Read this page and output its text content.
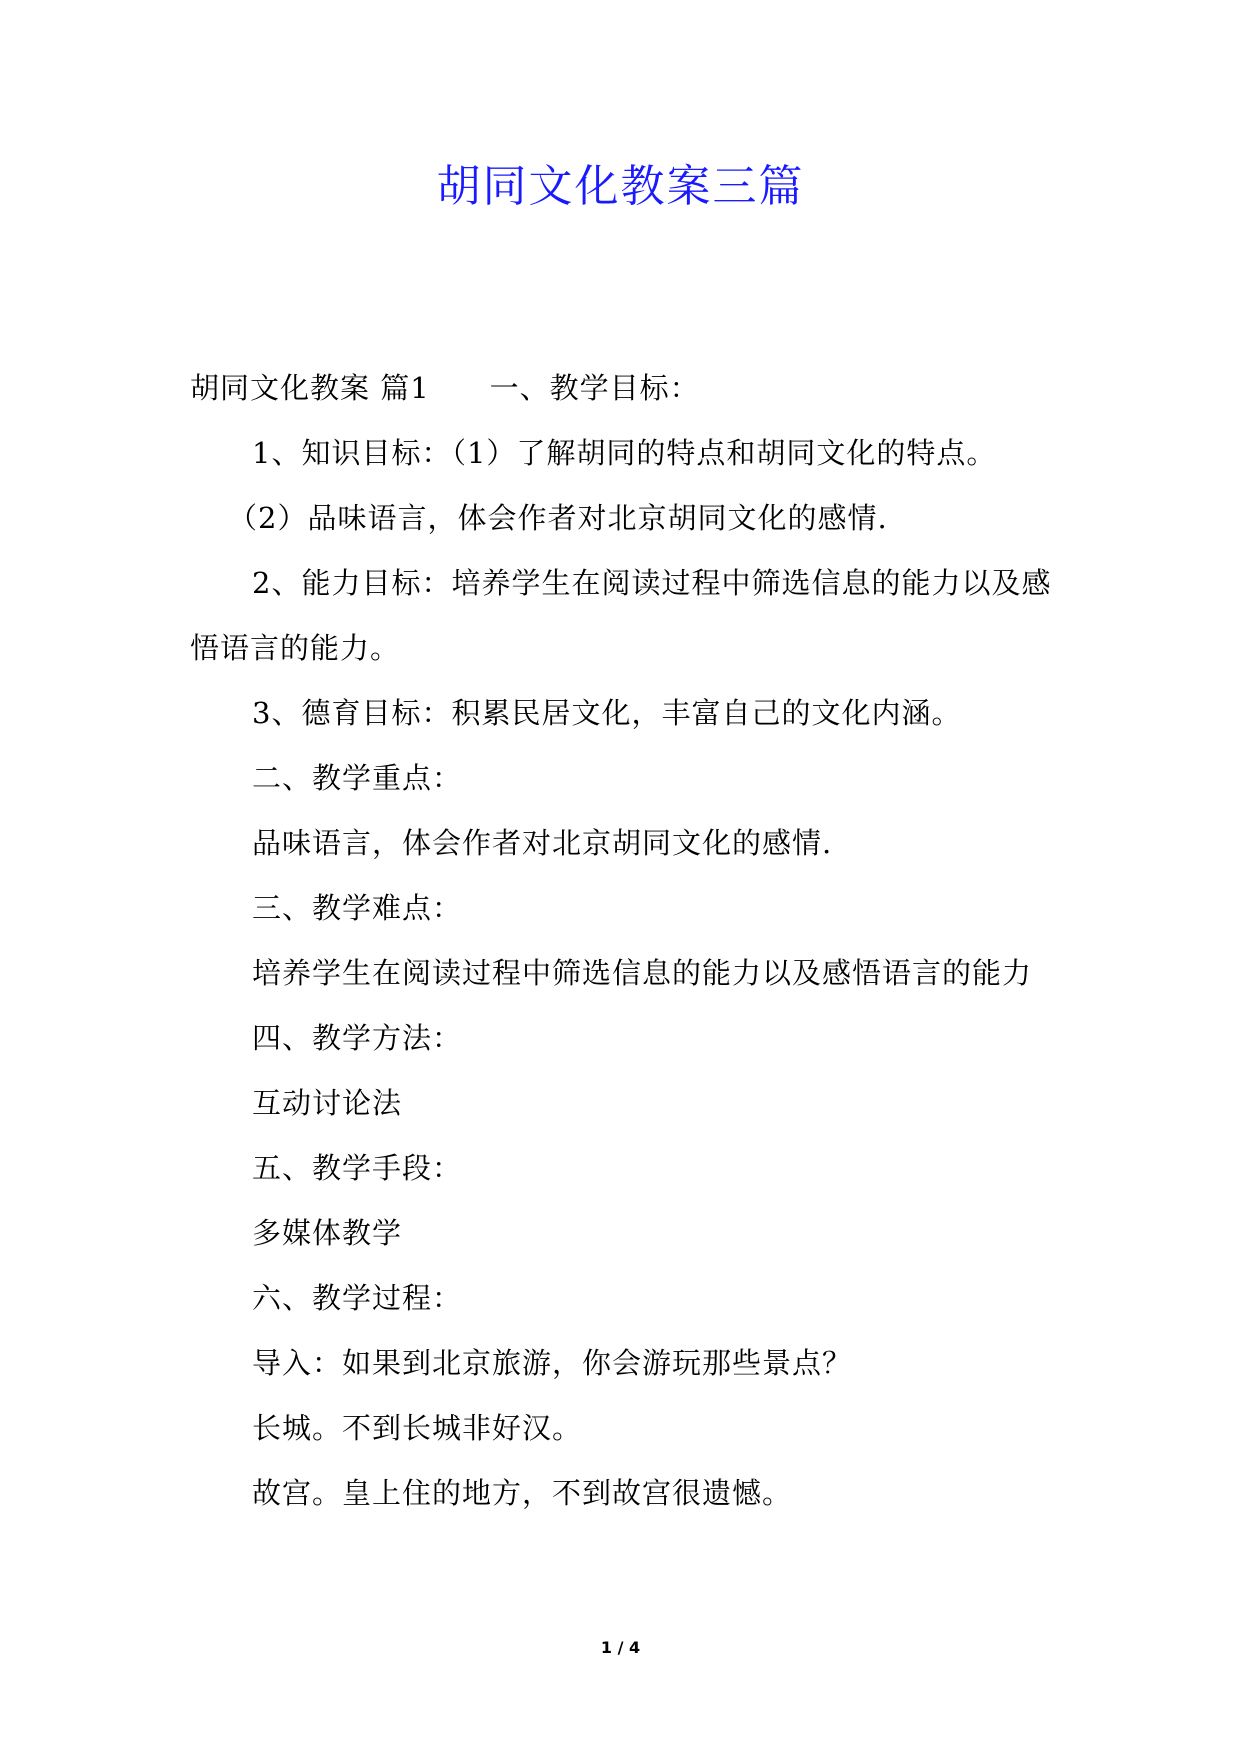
胡同文化教案三篇

胡同文化教案 篇1 一、教学目标：

1、知识目标：（1）了解胡同的特点和胡同文化的特点。

（2）品味语言，体会作者对北京胡同文化的感情.

2、能力目标：培养学生在阅读过程中筛选信息的能力以及感悟语言的能力。

3、德育目标：积累民居文化，丰富自己的文化内涵。

二、教学重点：

品味语言，体会作者对北京胡同文化的感情.

三、教学难点：

培养学生在阅读过程中筛选信息的能力以及感悟语言的能力

四、教学方法：

互动讨论法

五、教学手段：

多媒体教学

六、教学过程：

导入：如果到北京旅游，你会游玩那些景点？

长城。不到长城非好汉。

故宫。皇上住的地方，不到故宫很遗憾。

1 / 4
